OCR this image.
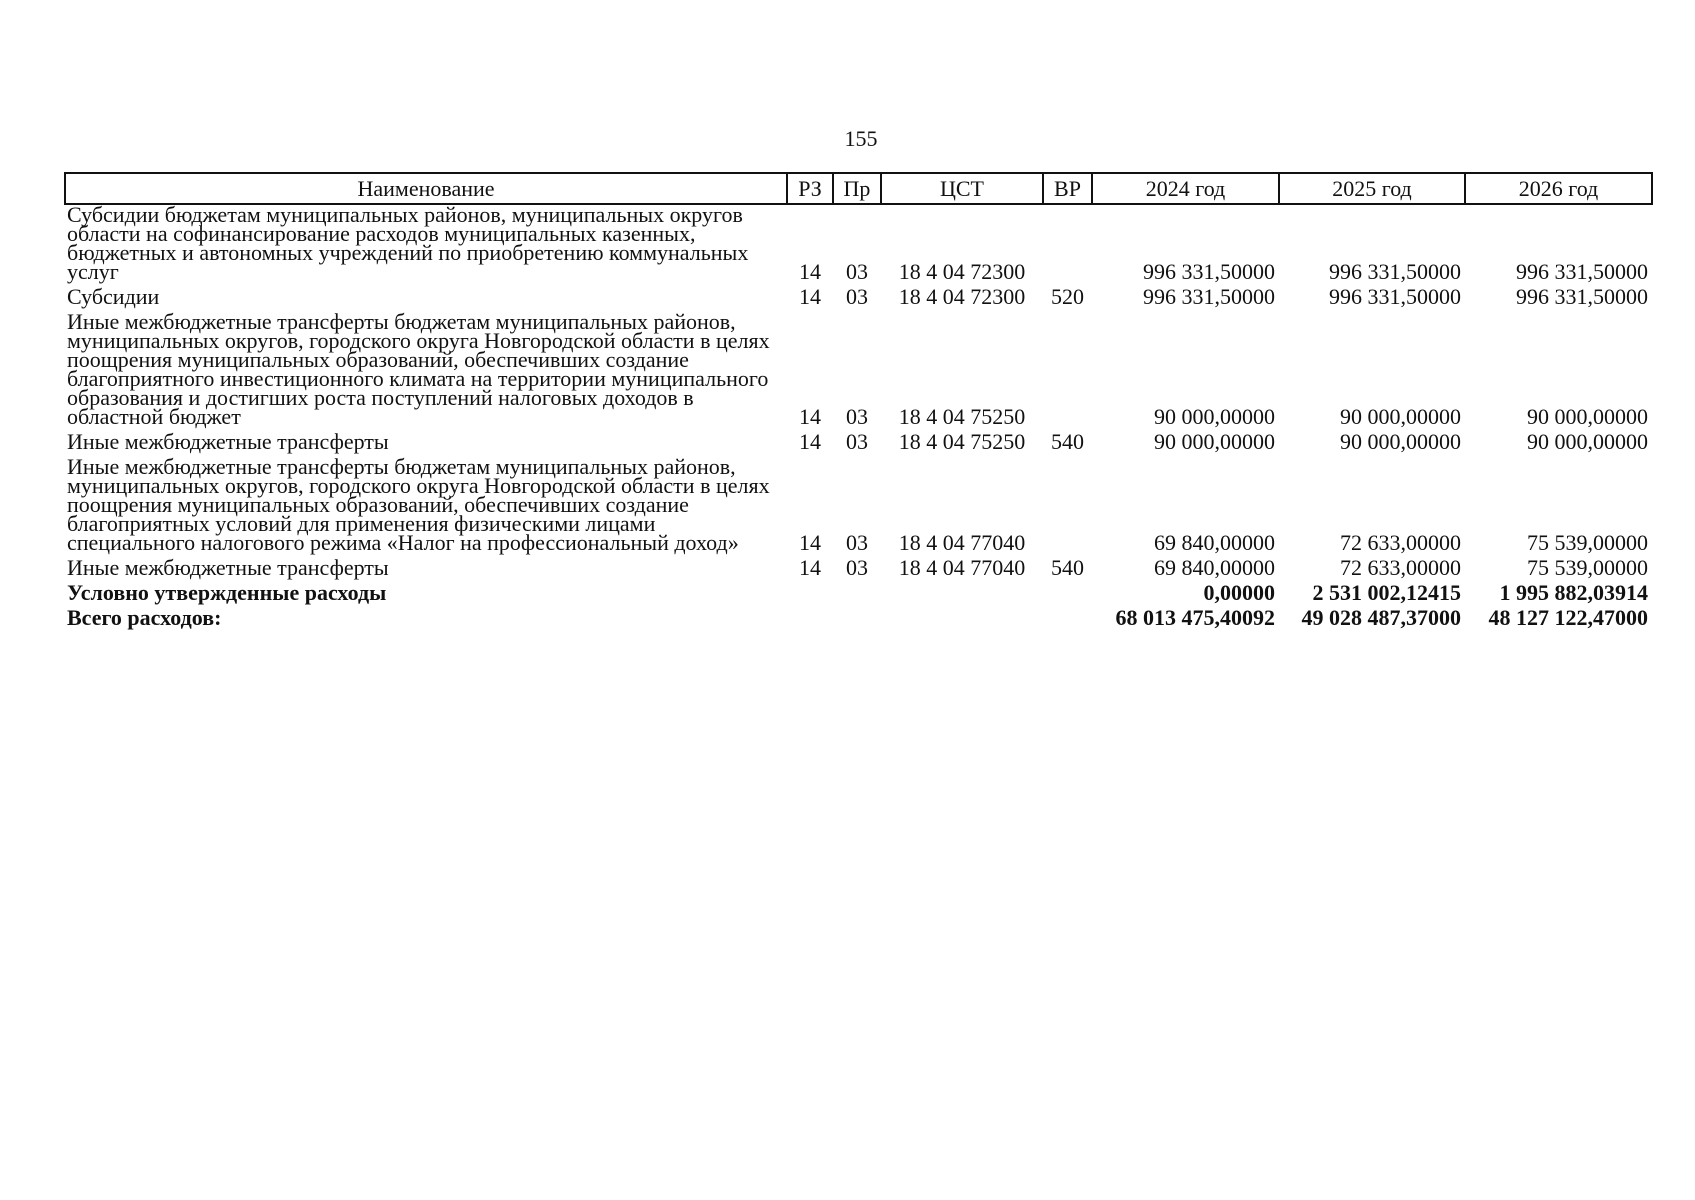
155
Наименование	РЗ	Пр	ЦСТ	ВР	2024 год	2025 год	2026 год
Субсидии бюджетам муниципальных районов, муниципальных округов области на софинансирование расходов муниципальных казенных, бюджетных и автономных учреждений по приобретению коммунальных услуг	14	03	18 4 04 72300		996 331,50000	996 331,50000	996 331,50000
Субсидии	14	03	18 4 04 72300	520	996 331,50000	996 331,50000	996 331,50000
Иные межбюджетные трансферты бюджетам муниципальных районов, муниципальных округов, городского округа Новгородской области в целях поощрения муниципальных образований, обеспечивших создание благоприятного инвестиционного климата на территории муниципального образования и достигших роста поступлений налоговых доходов в областной бюджет	14	03	18 4 04 75250		90 000,00000	90 000,00000	90 000,00000
Иные межбюджетные трансферты	14	03	18 4 04 75250	540	90 000,00000	90 000,00000	90 000,00000
Иные межбюджетные трансферты бюджетам муниципальных районов, муниципальных округов, городского округа Новгородской области в целях поощрения муниципальных образований, обеспечивших создание благоприятных условий для применения физическими лицами специального налогового режима «Налог на профессиональный доход»	14	03	18 4 04 77040		69 840,00000	72 633,00000	75 539,00000
Иные межбюджетные трансферты	14	03	18 4 04 77040	540	69 840,00000	72 633,00000	75 539,00000
Условно утвержденные расходы					0,00000	2 531 002,12415	1 995 882,03914
Всего расходов:					68 013 475,40092	49 028 487,37000	48 127 122,47000
